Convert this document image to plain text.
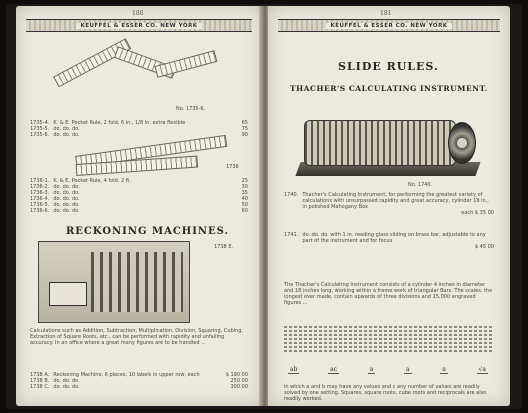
180
KEUFFEL & ESSER CO. NEW YORK
No. 1735-6.
1735-4. K. & E. Pocket Rule, 2 fold, 6 in., 1/8 in. extra flexible	65
1735-5. do. do. do.	75
1735-6. do. do. do.	90
1736
1736-1. K. & E. Pocket Rule, 4 fold, 2 ft.	25
1736-2. do. do. do.	30
1736-3. do. do. do.	35
1736-4. do. do. do.	40
1736-5. do. do. do.	50
1736-6. do. do. do.	60
RECKONING MACHINES.
1738 E.
Calculations such as Addition, Subtraction, Multiplication, Division, Squaring, Cubing, Extraction of Square Roots, etc., can be performed with rapidity and unfailing accuracy. In an office where a great many figures are to be handled ...
1738 A. Reckoning Machine, 6 places, 10 labels in upper row, each	$ 190 00
1738 B. do. do. do.	250 00
1738 C. do. do. do.	300 00
181
KEUFFEL & ESSER CO. NEW YORK
SLIDE RULES.
THACHER'S CALCULATING INSTRUMENT.
No. 1740.
1740. Thacher's Calculating Instrument, for performing the greatest variety of calculations with unsurpassed rapidity and great accuracy, cylinder 18 in., in polished Mahogany Box
each $ 35 00
1741. do. do. do. with 1 in. reading glass sliding on brass bar, adjustable to any part of the instrument and for focus
$ 45 00
The Thacher's Calculating Instrument consists of a cylinder 4 inches in diameter and 18 inches long, working within a frame work of triangular Bars. The scales, the longest ever made, contain upwards of three divisions and 15,000 engraved figures ...
ab	ac	a	a	a	√a
in which a and b may have any values and c any number of values are readily solved by one setting. Squares, square roots, cube roots and reciprocals are also readily worked.
